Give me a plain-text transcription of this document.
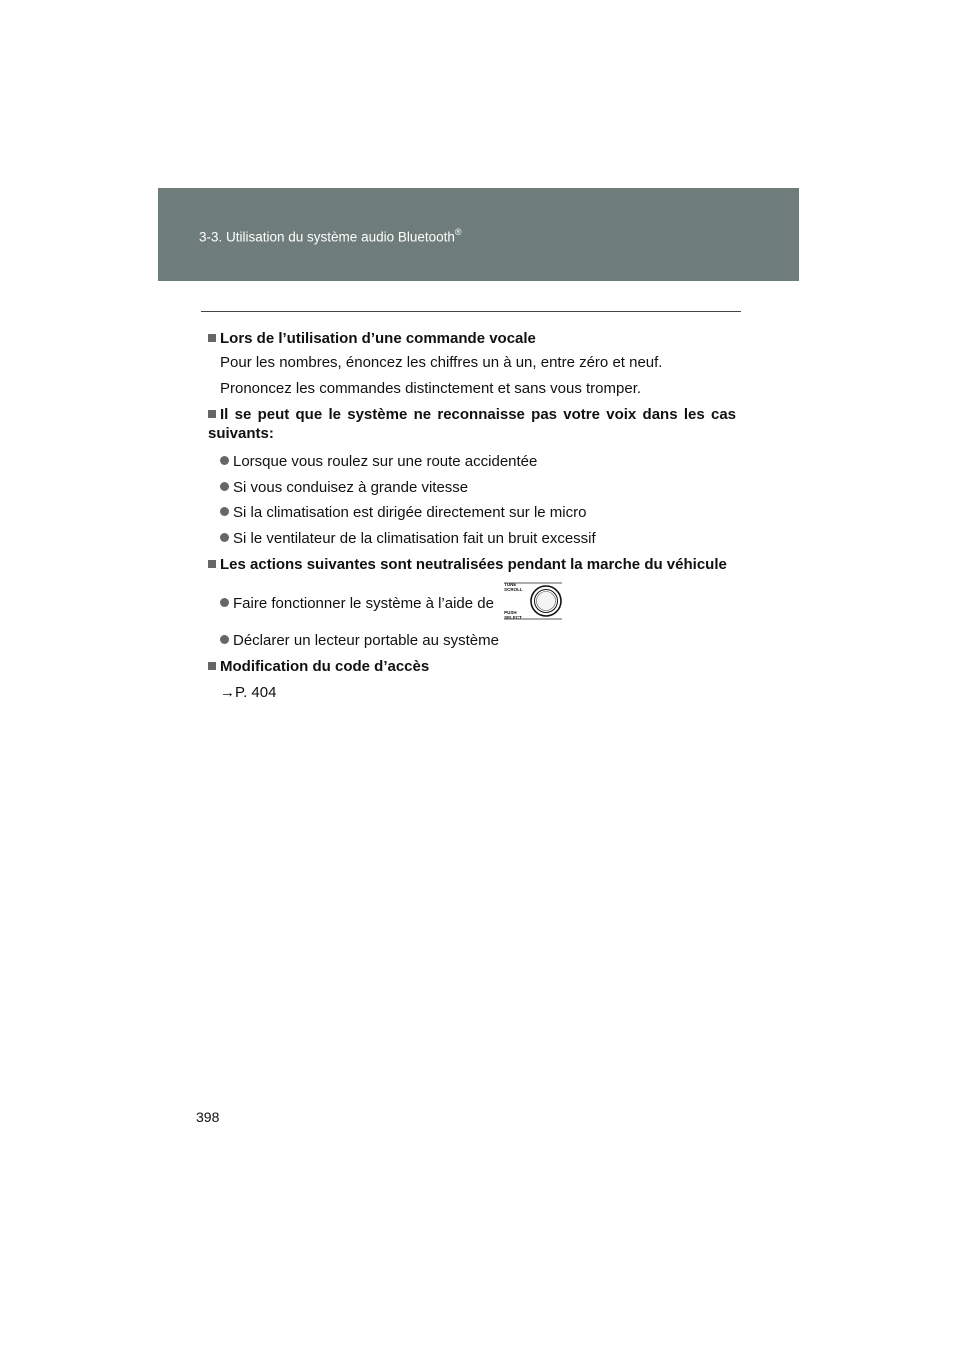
3-3. Utilisation du système audio Bluetooth®
Lors de l’utilisation d’une commande vocale
Pour les nombres, énoncez les chiffres un à un, entre zéro et neuf.
Prononcez les commandes distinctement et sans vous tromper.
Il se peut que le système ne reconnaisse pas votre voix dans les cas suivants:
Lorsque vous roulez sur une route accidentée
Si vous conduisez à grande vitesse
Si la climatisation est dirigée directement sur le micro
Si le ventilateur de la climatisation fait un bruit excessif
Les actions suivantes sont neutralisées pendant la marche du véhicule
Faire fonctionner le système à l’aide de
TUNE
SCROLL
PUSH
SELECT
Déclarer un lecteur portable au système
Modification du code d’accès
→P. 404
398
